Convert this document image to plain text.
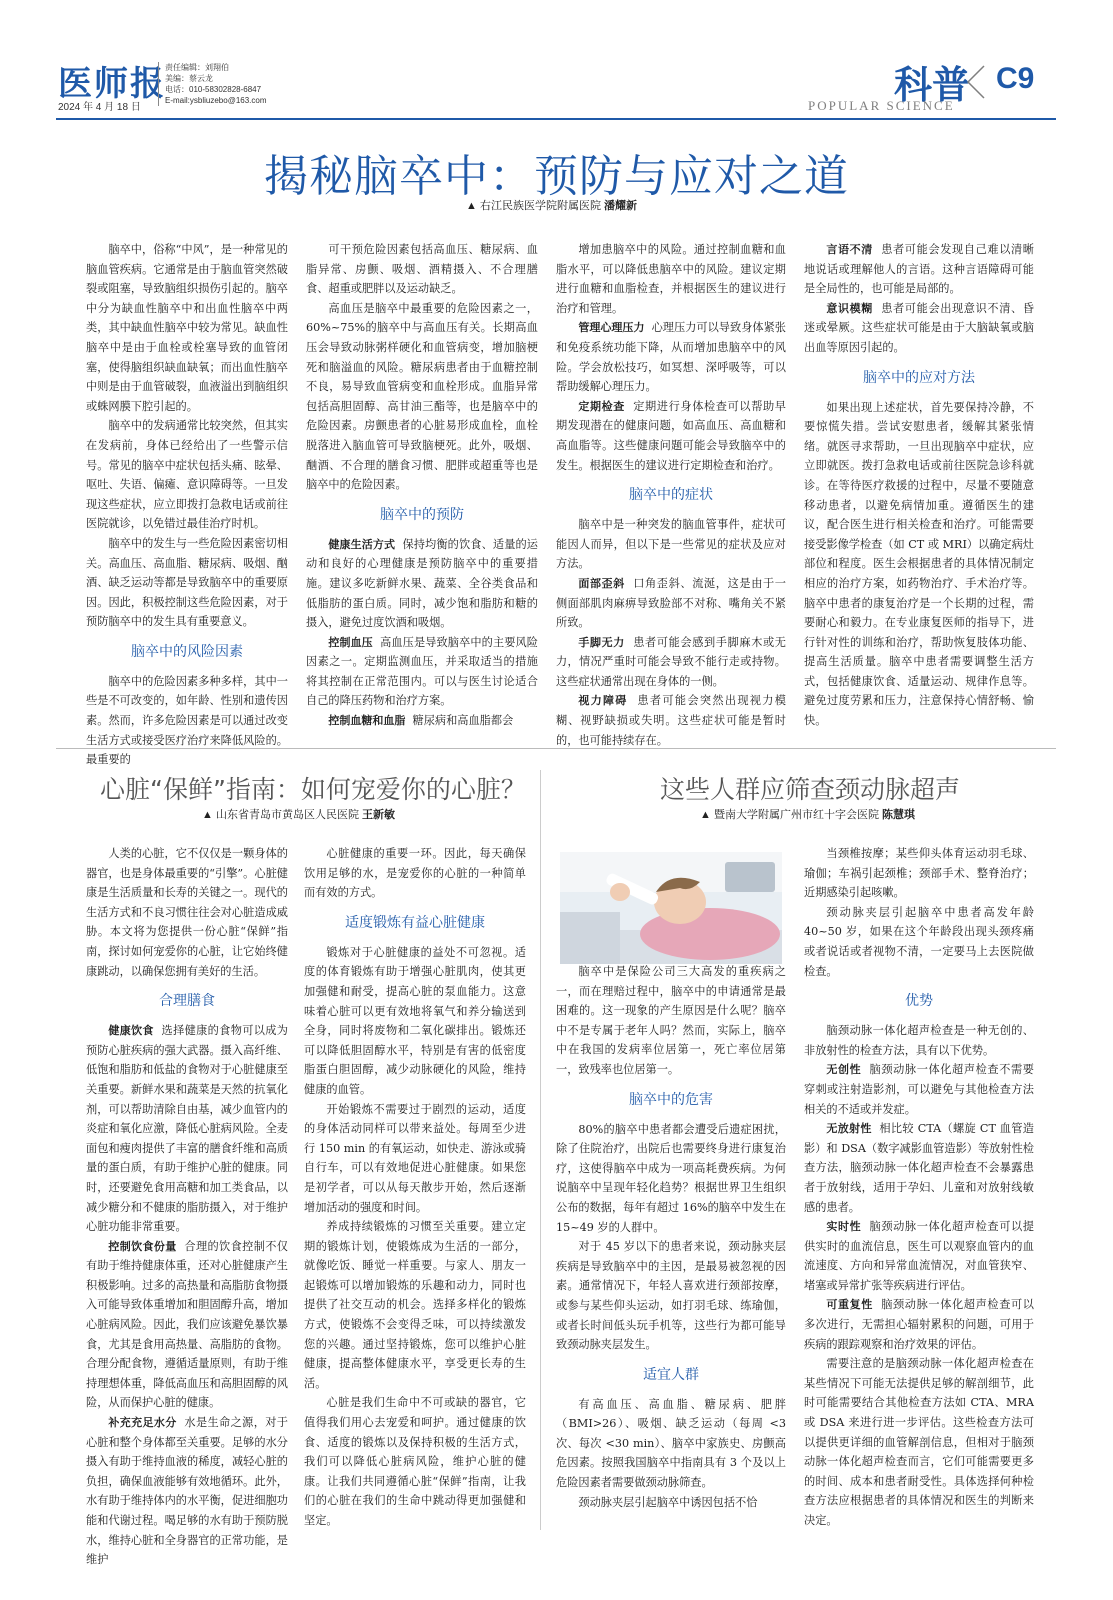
医师报
2024 年 4 月 18 日
责任编辑：刘翔伯
美编：蔡云龙
电话：010-58302828-6847
E-mail:ysbliuzebo@163.com	科普
POPULAR SCIENCE
C9
揭秘脑卒中：预防与应对之道
▲ 右江民族医学院附属医院 潘耀新

脑卒中，俗称“中风”，是一种常见的脑血管疾病。它通常是由于脑血管突然破裂或阻塞，导致脑组织损伤引起的。脑卒中分为缺血性脑卒中和出血性脑卒中两类，其中缺血性脑卒中较为常见。缺血性脑卒中是由于血栓或栓塞导致的血管闭塞，使得脑组织缺血缺氧；而出血性脑卒中则是由于血管破裂，血液溢出到脑组织或蛛网膜下腔引起的。

脑卒中的发病通常比较突然，但其实在发病前，身体已经给出了一些警示信号。常见的脑卒中症状包括头痛、眩晕、呕吐、失语、偏瘫、意识障碍等。一旦发现这些症状，应立即拨打急救电话或前往医院就诊，以免错过最佳治疗时机。

脑卒中的发生与一些危险因素密切相关。高血压、高血脂、糖尿病、吸烟、酗酒、缺乏运动等都是导致脑卒中的重要原因。因此，积极控制这些危险因素，对于预防脑卒中的发生具有重要意义。

脑卒中的风险因素

脑卒中的危险因素多种多样，其中一些是不可改变的，如年龄、性别和遗传因素。然而，许多危险因素是可以通过改变生活方式或接受医疗治疗来降低风险的。最重要的

可干预危险因素包括高血压、糖尿病、血脂异常、房颤、吸烟、酒精摄入、不合理膳食、超重或肥胖以及运动缺乏。

高血压是脑卒中最重要的危险因素之一，60%~75%的脑卒中与高血压有关。长期高血压会导致动脉粥样硬化和血管病变，增加脑梗死和脑溢血的风险。糖尿病患者由于血糖控制不良，易导致血管病变和血栓形成。血脂异常包括高胆固醇、高甘油三酯等，也是脑卒中的危险因素。房颤患者的心脏易形成血栓，血栓脱落进入脑血管可导致脑梗死。此外，吸烟、酗酒、不合理的膳食习惯、肥胖或超重等也是脑卒中的危险因素。

脑卒中的预防

健康生活方式 保持均衡的饮食、适量的运动和良好的心理健康是预防脑卒中的重要措施。建议多吃新鲜水果、蔬菜、全谷类食品和低脂肪的蛋白质。同时，减少饱和脂肪和糖的摄入，避免过度饮酒和吸烟。

控制血压 高血压是导致脑卒中的主要风险因素之一。定期监测血压，并采取适当的措施将其控制在正常范围内。可以与医生讨论适合自己的降压药物和治疗方案。

控制血糖和血脂 糖尿病和高血脂都会

增加患脑卒中的风险。通过控制血糖和血脂水平，可以降低患脑卒中的风险。建议定期进行血糖和血脂检查，并根据医生的建议进行治疗和管理。

管理心理压力 心理压力可以导致身体紧张和免疫系统功能下降，从而增加患脑卒中的风险。学会放松技巧，如冥想、深呼吸等，可以帮助缓解心理压力。

定期检查 定期进行身体检查可以帮助早期发现潜在的健康问题，如高血压、高血糖和高血脂等。这些健康问题可能会导致脑卒中的发生。根据医生的建议进行定期检查和治疗。

脑卒中的症状

脑卒中是一种突发的脑血管事件，症状可能因人而异，但以下是一些常见的症状及应对方法。

面部歪斜 口角歪斜、流涎，这是由于一侧面部肌肉麻痹导致脸部不对称、嘴角关不紧所致。

手脚无力 患者可能会感到手脚麻木或无力，情况严重时可能会导致不能行走或持物。这些症状通常出现在身体的一侧。

视力障碍 患者可能会突然出现视力模糊、视野缺损或失明。这些症状可能是暂时的，也可能持续存在。

言语不清 患者可能会发现自己难以清晰地说话或理解他人的言语。这种言语障碍可能是全局性的，也可能是局部的。

意识模糊 患者可能会出现意识不清、昏迷或晕厥。这些症状可能是由于大脑缺氧或脑出血等原因引起的。

脑卒中的应对方法

如果出现上述症状，首先要保持冷静，不要惊慌失措。尝试安慰患者，缓解其紧张情绪。就医寻求帮助，一旦出现脑卒中症状，应立即就医。拨打急救电话或前往医院急诊科就诊。在等待医疗救援的过程中，尽量不要随意移动患者，以避免病情加重。遵循医生的建议，配合医生进行相关检查和治疗。可能需要接受影像学检查（如 CT 或 MRI）以确定病灶部位和程度。医生会根据患者的具体情况制定相应的治疗方案，如药物治疗、手术治疗等。脑卒中患者的康复治疗是一个长期的过程，需要耐心和毅力。在专业康复医师的指导下，进行针对性的训练和治疗，帮助恢复肢体功能、提高生活质量。脑卒中患者需要调整生活方式，包括健康饮食、适量运动、规律作息等。避免过度劳累和压力，注意保持心情舒畅、愉快。

心脏“保鲜”指南：如何宠爱你的心脏？
▲ 山东省青岛市黄岛区人民医院 王新敏

人类的心脏，它不仅仅是一颗身体的器官，也是身体最重要的“引擎”。心脏健康是生活质量和长寿的关键之一。现代的生活方式和不良习惯往往会对心脏造成威胁。本文将为您提供一份心脏“保鲜”指南，探讨如何宠爱你的心脏，让它始终健康跳动，以确保您拥有美好的生活。

合理膳食

健康饮食 选择健康的食物可以成为预防心脏疾病的强大武器。摄入高纤维、低饱和脂肪和低盐的食物对于心脏健康至关重要。新鲜水果和蔬菜是天然的抗氧化剂，可以帮助清除自由基，减少血管内的炎症和氧化应激，降低心脏病风险。全麦面包和瘦肉提供了丰富的膳食纤维和高质量的蛋白质，有助于维护心脏的健康。同时，还要避免食用高糖和加工类食品，以减少糖分和不健康的脂肪摄入，对于维护心脏功能非常重要。

控制饮食份量 合理的饮食控制不仅有助于维持健康体重，还对心脏健康产生积极影响。过多的高热量和高脂肪食物摄入可能导致体重增加和胆固醇升高，增加心脏病风险。因此，我们应该避免暴饮暴食，尤其是食用高热量、高脂肪的食物。合理分配食物，遵循适量原则，有助于维持理想体重，降低高血压和高胆固醇的风险，从而保护心脏的健康。

补充充足水分 水是生命之源，对于心脏和整个身体都至关重要。足够的水分摄入有助于维持血液的稀度，减轻心脏的负担，确保血液能够有效地循环。此外，水有助于维持体内的水平衡，促进细胞功能和代谢过程。喝足够的水有助于预防脱水，维持心脏和全身器官的正常功能，是维护

心脏健康的重要一环。因此，每天确保饮用足够的水，是宠爱你的心脏的一种简单而有效的方式。

适度锻炼有益心脏健康

锻炼对于心脏健康的益处不可忽视。适度的体育锻炼有助于增强心脏肌肉，使其更加强健和耐受，提高心脏的泵血能力。这意味着心脏可以更有效地将氧气和养分输送到全身，同时将废物和二氧化碳排出。锻炼还可以降低胆固醇水平，特别是有害的低密度脂蛋白胆固醇，减少动脉硬化的风险，维持健康的血管。

开始锻炼不需要过于剧烈的运动，适度的身体活动同样可以带来益处。每周至少进行 150 min 的有氧运动，如快走、游泳或骑自行车，可以有效地促进心脏健康。如果您是初学者，可以从每天散步开始，然后逐渐增加活动的强度和时间。

养成持续锻炼的习惯至关重要。建立定期的锻炼计划，使锻炼成为生活的一部分，就像吃饭、睡觉一样重要。与家人、朋友一起锻炼可以增加锻炼的乐趣和动力，同时也提供了社交互动的机会。选择多样化的锻炼方式，使锻炼不会变得乏味，可以持续激发您的兴趣。通过坚持锻炼，您可以维护心脏健康，提高整体健康水平，享受更长寿的生活。

心脏是我们生命中不可或缺的器官，它值得我们用心去宠爱和呵护。通过健康的饮食、适度的锻炼以及保持积极的生活方式，我们可以降低心脏病风险，维护心脏的健康。让我们共同遵循心脏“保鲜”指南，让我们的心脏在我们的生命中跳动得更加强健和坚定。

这些人群应筛查颈动脉超声
▲ 暨南大学附属广州市红十字会医院 陈慧琪

脑卒中是保险公司三大高发的重疾病之一，而在理赔过程中，脑卒中的申请通常是最困难的。这一现象的产生原因是什么呢？脑卒中不是专属于老年人吗？然而，实际上，脑卒中在我国的发病率位居第一，死亡率位居第一，致残率也位居第一。

脑卒中的危害

80%的脑卒中患者都会遭受后遗症困扰，除了住院治疗，出院后也需要终身进行康复治疗，这使得脑卒中成为一项高耗费疾病。为何说脑卒中呈现年轻化趋势？根据世界卫生组织公布的数据，每年有超过 16%的脑卒中发生在 15~49 岁的人群中。

对于 45 岁以下的患者来说，颈动脉夹层疾病是导致脑卒中的主因，是最易被忽视的因素。通常情况下，年轻人喜欢进行颈部按摩，或参与某些仰头运动，如打羽毛球、练瑜伽，或者长时间低头玩手机等，这些行为都可能导致颈动脉夹层发生。

适宜人群

有高血压、高血脂、糖尿病、肥胖（BMI>26）、吸烟、缺乏运动（每周 <3 次、每次 <30 min）、脑卒中家族史、房颤高危因素。按照我国脑卒中指南具有 3 个及以上危险因素者需要做颈动脉筛查。

颈动脉夹层引起脑卒中诱因包括不恰

当颈椎按摩；某些仰头体育运动羽毛球、瑜伽；车祸引起颈椎；颈部手术、整脊治疗；近期感染引起咳嗽。

颈动脉夹层引起脑卒中患者高发年龄 40~50 岁，如果在这个年龄段出现头颈疼痛或者说话或者视物不清，一定要马上去医院做检查。

优势

脑颈动脉一体化超声检查是一种无创的、非放射性的检查方法，具有以下优势。

无创性 脑颈动脉一体化超声检查不需要穿刺或注射造影剂，可以避免与其他检查方法相关的不适或并发症。

无放射性 相比较 CTA（螺旋 CT 血管造影）和 DSA（数字减影血管造影）等放射性检查方法，脑颈动脉一体化超声检查不会暴露患者于放射线，适用于孕妇、儿童和对放射线敏感的患者。

实时性 脑颈动脉一体化超声检查可以提供实时的血流信息，医生可以观察血管内的血流速度、方向和异常血流情况，对血管狭窄、堵塞或异常扩张等疾病进行评估。

可重复性 脑颈动脉一体化超声检查可以多次进行，无需担心辐射累积的问题，可用于疾病的跟踪观察和治疗效果的评估。

需要注意的是脑颈动脉一体化超声检查在某些情况下可能无法提供足够的解剖细节，此时可能需要结合其他检查方法如 CTA、MRA 或 DSA 来进行进一步评估。这些检查方法可以提供更详细的血管解剖信息，但相对于脑颈动脉一体化超声检查而言，它们可能需要更多的时间、成本和患者耐受性。具体选择何种检查方法应根据患者的具体情况和医生的判断来决定。
